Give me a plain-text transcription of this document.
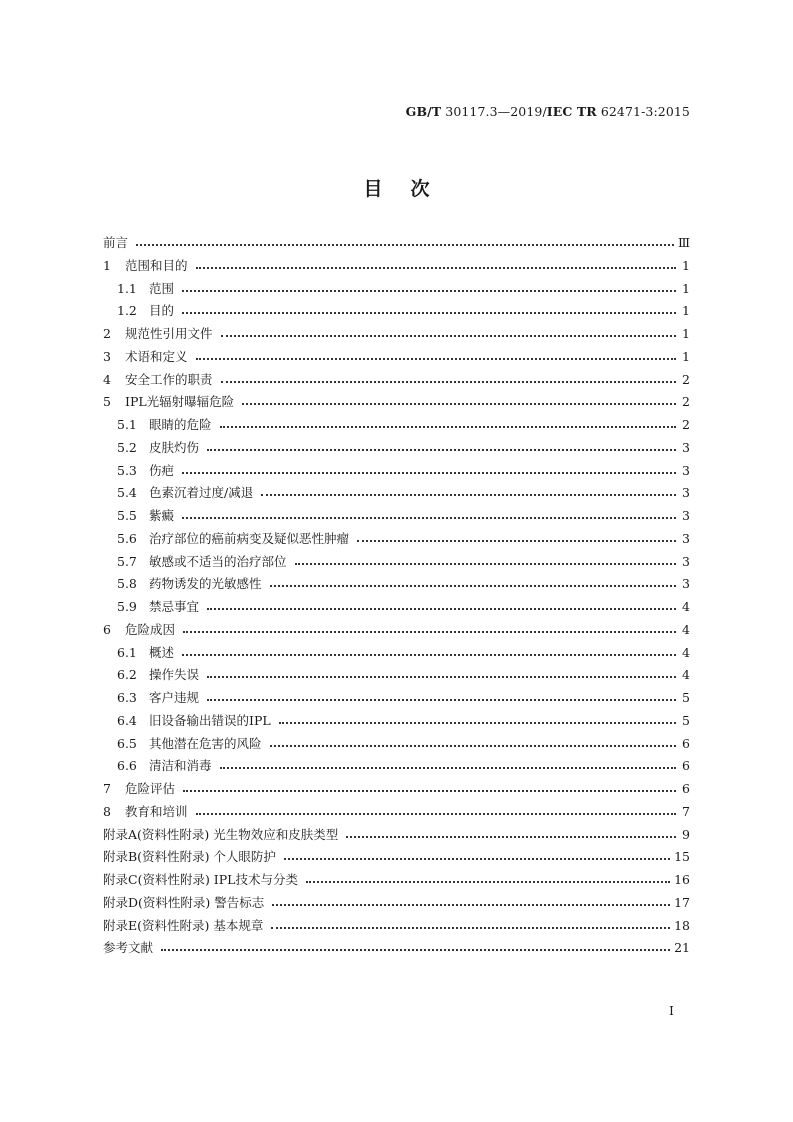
GB/T 30117.3—2019/IEC TR 62471-3:2015
目次
前言	Ⅲ
1	范围和目的	1
1.1 范围	1
1.2 目的	1
2	规范性引用文件	1
3	术语和定义	1
4	安全工作的职责	2
5	IPL光辐射曝辐危险	2
5.1 眼睛的危险	2
5.2 皮肤灼伤	3
5.3 伤疤	3
5.4 色素沉着过度/减退	3
5.5 紫癜	3
5.6 治疗部位的癌前病变及疑似恶性肿瘤	3
5.7 敏感或不适当的治疗部位	3
5.8 药物诱发的光敏感性	3
5.9 禁忌事宜	4
6	危险成因	4
6.1 概述	4
6.2 操作失误	4
6.3 客户违规	5
6.4 旧设备输出错误的IPL	5
6.5 其他潜在危害的风险	6
6.6 清洁和消毒	6
7	危险评估	6
8	教育和培训	7
附录A(资料性附录) 光生物效应和皮肤类型	9
附录B(资料性附录) 个人眼防护	15
附录C(资料性附录) IPL技术与分类	16
附录D(资料性附录) 警告标志	17
附录E(资料性附录) 基本规章	18
参考文献	21
I
